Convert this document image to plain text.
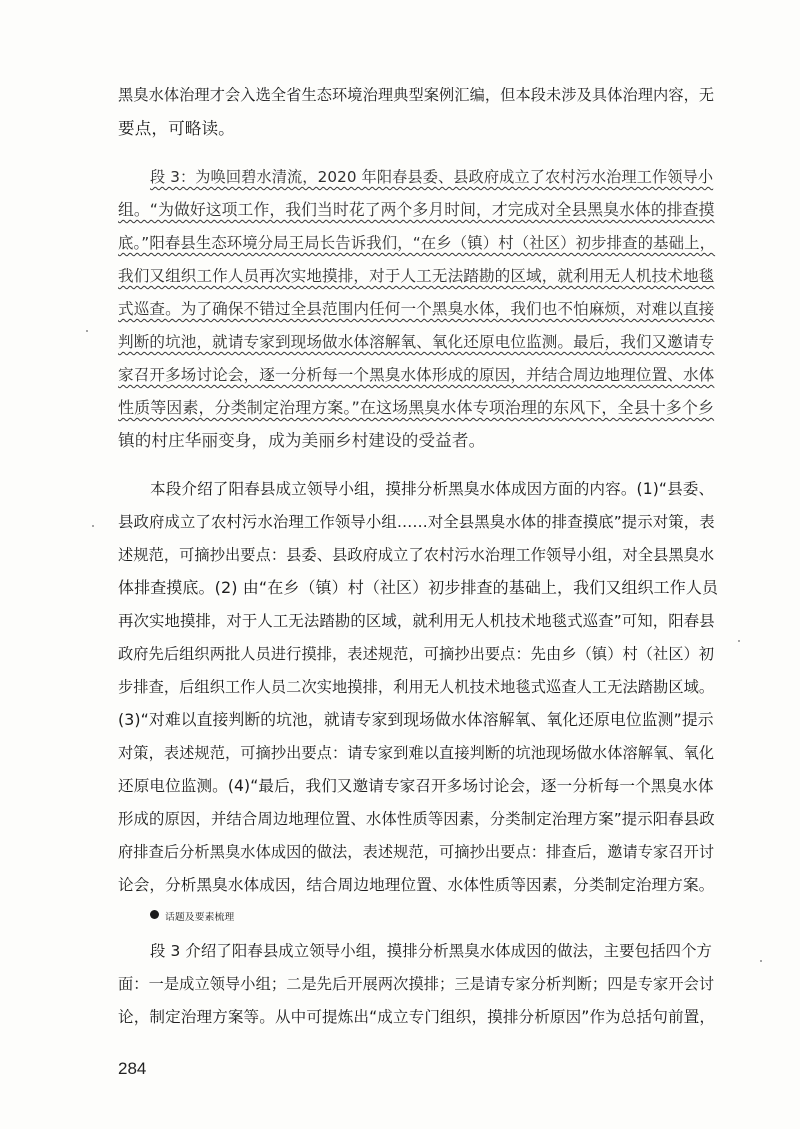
黑臭水体治理才会入选全省生态环境治理典型案例汇编，但本段未涉及具体治理内容，无
要点，可略读。
段 3：为唤回碧水清流，2020 年阳春县委、县政府成立了农村污水治理工作领导小
组。“为做好这项工作，我们当时花了两个多月时间，才完成对全县黑臭水体的排查摸
底。”阳春县生态环境分局王局长告诉我们，“在乡（镇）村（社区）初步排查的基础上，
我们又组织工作人员再次实地摸排，对于人工无法踏勘的区域，就利用无人机技术地毯
式巡查。为了确保不错过全县范围内任何一个黑臭水体，我们也不怕麻烦，对难以直接
判断的坑池，就请专家到现场做水体溶解氧、氧化还原电位监测。最后，我们又邀请专
家召开多场讨论会，逐一分析每一个黑臭水体形成的原因，并结合周边地理位置、水体
性质等因素，分类制定治理方案。”在这场黑臭水体专项治理的东风下，全县十多个乡
镇的村庄华丽变身，成为美丽乡村建设的受益者。
本段介绍了阳春县成立领导小组，摸排分析黑臭水体成因方面的内容。(1)“县委、
县政府成立了农村污水治理工作领导小组……对全县黑臭水体的排查摸底”提示对策，表
述规范，可摘抄出要点：县委、县政府成立了农村污水治理工作领导小组，对全县黑臭水
体排查摸底。(2) 由“在乡（镇）村（社区）初步排查的基础上，我们又组织工作人员
再次实地摸排，对于人工无法踏勘的区域，就利用无人机技术地毯式巡查”可知，阳春县
政府先后组织两批人员进行摸排，表述规范，可摘抄出要点：先由乡（镇）村（社区）初
步排查，后组织工作人员二次实地摸排，利用无人机技术地毯式巡查人工无法踏勘区域。
(3)“对难以直接判断的坑池，就请专家到现场做水体溶解氧、氧化还原电位监测”提示
对策，表述规范，可摘抄出要点：请专家到难以直接判断的坑池现场做水体溶解氧、氧化
还原电位监测。(4)“最后，我们又邀请专家召开多场讨论会，逐一分析每一个黑臭水体
形成的原因，并结合周边地理位置、水体性质等因素，分类制定治理方案”提示阳春县政
府排查后分析黑臭水体成因的做法，表述规范，可摘抄出要点：排查后，邀请专家召开讨
论会，分析黑臭水体成因，结合周边地理位置、水体性质等因素，分类制定治理方案。
话题及要素梳理
段 3 介绍了阳春县成立领导小组，摸排分析黑臭水体成因的做法，主要包括四个方
面：一是成立领导小组；二是先后开展两次摸排；三是请专家分析判断；四是专家开会讨
论，制定治理方案等。从中可提炼出“成立专门组织，摸排分析原因”作为总括句前置，
284
